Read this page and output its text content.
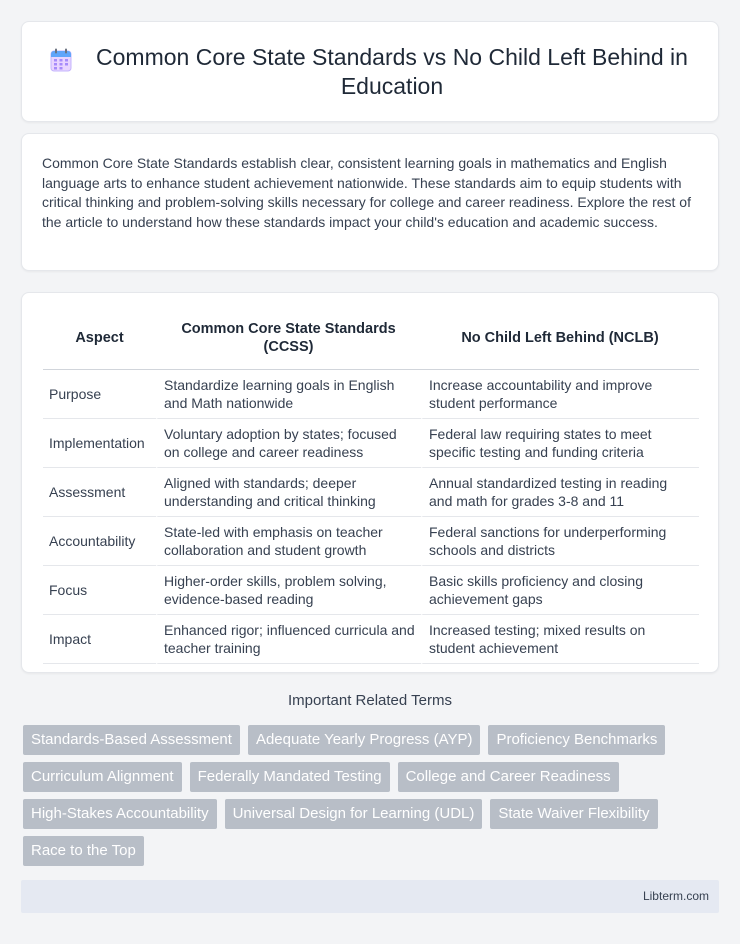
Common Core State Standards vs No Child Left Behind in Education

Common Core State Standards establish clear, consistent learning goals in mathematics and English language arts to enhance student achievement nationwide. These standards aim to equip students with critical thinking and problem-solving skills necessary for college and career readiness. Explore the rest of the article to understand how these standards impact your child's education and academic success.

Aspect	Common Core State Standards (CCSS)	No Child Left Behind (NCLB)
Purpose	Standardize learning goals in English and Math nationwide	Increase accountability and improve student performance
Implementation	Voluntary adoption by states; focused on college and career readiness	Federal law requiring states to meet specific testing and funding criteria
Assessment	Aligned with standards; deeper understanding and critical thinking	Annual standardized testing in reading and math for grades 3-8 and 11
Accountability	State-led with emphasis on teacher collaboration and student growth	Federal sanctions for underperforming schools and districts
Focus	Higher-order skills, problem solving, evidence-based reading	Basic skills proficiency and closing achievement gaps
Impact	Enhanced rigor; influenced curricula and teacher training	Increased testing; mixed results on student achievement
Important Related Terms
Standards-Based Assessment	Adequate Yearly Progress (AYP)	Proficiency Benchmarks
Curriculum Alignment	Federally Mandated Testing	College and Career Readiness
High-Stakes Accountability	Universal Design for Learning (UDL)	State Waiver Flexibility
Race to the Top
Libterm.com
